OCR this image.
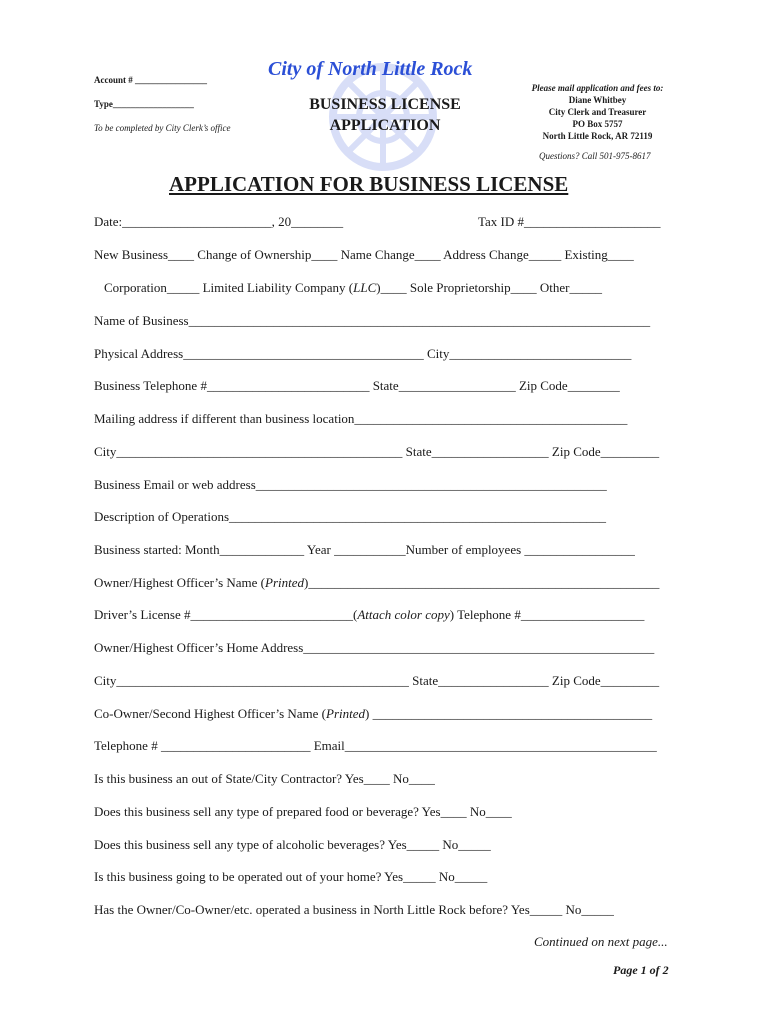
Account # ________________
Type__________________
To be completed by City Clerk’s office
City of North Little Rock
BUSINESS LICENSE
APPLICATION
Please mail application and fees to:
Diane Whitbey
City Clerk and Treasurer
PO Box 5757
North Little Rock, AR 72119
Questions? Call 501-975-8617
APPLICATION FOR BUSINESS LICENSE
Date:_______________________, 20________	Tax ID #_____________________
New Business____ Change of Ownership____ Name Change____ Address Change_____ Existing____
Corporation_____ Limited Liability Company (LLC)____ Sole Proprietorship____ Other_____
Name of Business_______________________________________________________________________
Physical Address_____________________________________ City____________________________
Business Telephone #_________________________ State__________________ Zip Code________
Mailing address if different than business location__________________________________________
City____________________________________________ State__________________ Zip Code_________
Business Email or web address______________________________________________________
Description of Operations__________________________________________________________
Business started: Month_____________ Year ___________Number of employees _________________
Owner/Highest Officer’s Name (Printed)______________________________________________________
Driver’s License #_________________________(Attach color copy) Telephone #___________________
Owner/Highest Officer’s Home Address______________________________________________________
City_____________________________________________ State_________________ Zip Code_________
Co-Owner/Second Highest Officer’s Name (Printed) ___________________________________________
Telephone # _______________________ Email________________________________________________
Is this business an out of State/City Contractor? Yes____ No____
Does this business sell any type of prepared food or beverage? Yes____ No____
Does this business sell any type of alcoholic beverages? Yes_____ No_____
Is this business going to be operated out of your home? Yes_____ No_____
Has the Owner/Co-Owner/etc. operated a business in North Little Rock before? Yes_____ No_____
Continued on next page...
Page 1 of 2
